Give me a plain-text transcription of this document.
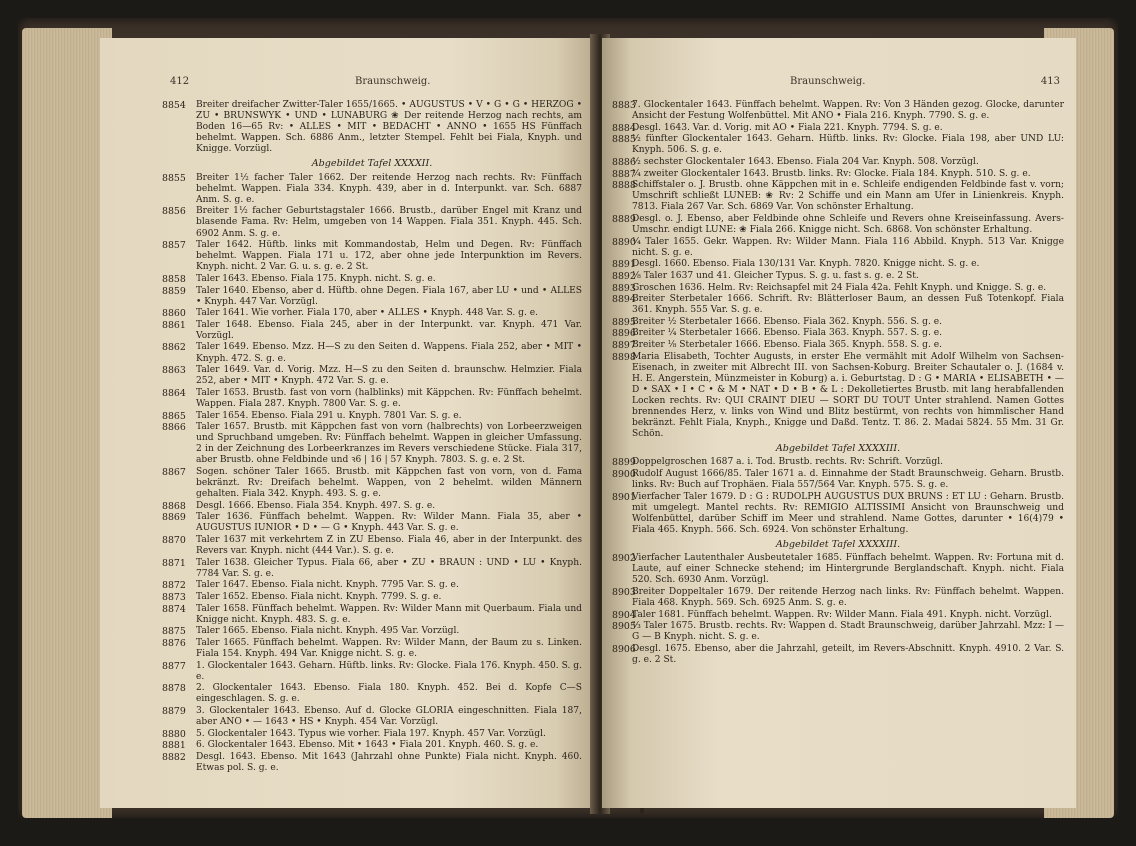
412	Braunschweig.
8854 Breiter dreifacher Zwitter-Taler 1655/1665. • AUGUSTUS • V • G • G • HERZOG • ZU • BRUNSWYK • UND • LUNABURG ❀ Der reitende Herzog nach rechts, am Boden 16—65 Rv: • ALLES • MIT • BEDACHT • ANNO • 1655 HS Fünffach behelmt. Wappen. Sch. 6886 Anm., letzter Stempel. Fehlt bei Fiala, Knyph. und Knigge. Vorzügl.
Abgebildet Tafel XXXXII.
8855 Breiter 1½ facher Taler 1662. Der reitende Herzog nach rechts. Rv: Fünffach behelmt. Wappen. Fiala 334. Knyph. 439, aber in d. Interpunkt. var. Sch. 6887 Anm. S. g. e.
8856 Breiter 1½ facher Geburtstagstaler 1666. Brustb., darüber Engel mit Kranz und blasende Fama. Rv: Helm, umgeben von 14 Wappen. Fiala 351. Knyph. 445. Sch. 6902 Anm. S. g. e.
8857 Taler 1642. Hüftb. links mit Kommandostab, Helm und Degen. Rv: Fünffach behelmt. Wappen. Fiala 171 u. 172, aber ohne jede Interpunktion im Revers. Knyph. nicht. 2 Var. G. u. s. g. e. 2 St.
8858 Taler 1643. Ebenso. Fiala 175. Knyph. nicht. S. g. e.
8859 Taler 1640. Ebenso, aber d. Hüftb. ohne Degen. Fiala 167, aber LU • und • ALLES • Knyph. 447 Var. Vorzügl.
8860 Taler 1641. Wie vorher. Fiala 170, aber • ALLES • Knyph. 448 Var. S. g. e.
8861 Taler 1648. Ebenso. Fiala 245, aber in der Interpunkt. var. Knyph. 471 Var. Vorzügl.
8862 Taler 1649. Ebenso. Mzz. H—S zu den Seiten d. Wappens. Fiala 252, aber • MIT • Knyph. 472. S. g. e.
8863 Taler 1649. Var. d. Vorig. Mzz. H—S zu den Seiten d. braunschw. Helmzier. Fiala 252, aber • MIT • Knyph. 472 Var. S. g. e.
8864 Taler 1653. Brustb. fast von vorn (halblinks) mit Käppchen. Rv: Fünffach behelmt. Wappen. Fiala 287. Knyph. 7800 Var. S. g. e.
8865 Taler 1654. Ebenso. Fiala 291 u. Knyph. 7801 Var. S. g. e.
8866 Taler 1657. Brustb. mit Käppchen fast von vorn (halbrechts) von Lorbeerzweigen und Spruchband umgeben. Rv: Fünffach behelmt. Wappen in gleicher Umfassung. 2 in der Zeichnung des Lorbeerkranzes im Revers verschiedene Stücke. Fiala 317, aber Brustb. ohne Feldbinde und ꝛ6 | 16 | 57 Knyph. 7803. S. g. e. 2 St.
8867 Sogen. schöner Taler 1665. Brustb. mit Käppchen fast von vorn, von d. Fama bekränzt. Rv: Dreifach behelmt. Wappen, von 2 behelmt. wilden Männern gehalten. Fiala 342. Knyph. 493. S. g. e.
8868 Desgl. 1666. Ebenso. Fiala 354. Knyph. 497. S. g. e.
8869 Taler 1636. Fünffach behelmt. Wappen. Rv: Wilder Mann. Fiala 35, aber • AUGUSTUS IUNIOR • D • — G • Knyph. 443 Var. S. g. e.
8870 Taler 1637 mit verkehrtem Z in ZU Ebenso. Fiala 46, aber in der Interpunkt. des Revers var. Knyph. nicht (444 Var.). S. g. e.
8871 Taler 1638. Gleicher Typus. Fiala 66, aber • ZU • BRAUN : UND • LU • Knyph. 7784 Var. S. g. e.
8872 Taler 1647. Ebenso. Fiala nicht. Knyph. 7795 Var. S. g. e.
8873 Taler 1652. Ebenso. Fiala nicht. Knyph. 7799. S. g. e.
8874 Taler 1658. Fünffach behelmt. Wappen. Rv: Wilder Mann mit Querbaum. Fiala und Knigge nicht. Knyph. 483. S. g. e.
8875 Taler 1665. Ebenso. Fiala nicht. Knyph. 495 Var. Vorzügl.
8876 Taler 1665. Fünffach behelmt. Wappen. Rv: Wilder Mann, der Baum zu s. Linken. Fiala 154. Knyph. 494 Var. Knigge nicht. S. g. e.
8877 1. Glockentaler 1643. Geharn. Hüftb. links. Rv: Glocke. Fiala 176. Knyph. 450. S. g. e.
8878 2. Glockentaler 1643. Ebenso. Fiala 180. Knyph. 452. Bei d. Kopfe C—S eingeschlagen. S. g. e.
8879 3. Glockentaler 1643. Ebenso. Auf d. Glocke GLORIA eingeschnitten. Fiala 187, aber ANO • — 1643 • HS • Knyph. 454 Var. Vorzügl.
8880 5. Glockentaler 1643. Typus wie vorher. Fiala 197. Knyph. 457 Var. Vorzügl.
8881 6. Glockentaler 1643. Ebenso. Mit • 1643 • Fiala 201. Knyph. 460. S. g. e.
8882 Desgl. 1643. Ebenso. Mit 1643 (Jahrzahl ohne Punkte) Fiala nicht. Knyph. 460. Etwas pol. S. g. e.
Braunschweig.	413
8883
7. Glockentaler 1643. Fünffach behelmt. Wappen. Rv: Von 3 Händen gezog. Glocke, darunter Ansicht der Festung Wolfenbüttel. Mit ANO • Fiala 216. Knyph. 7790. S. g. e.
8884
Desgl. 1643. Var. d. Vorig. mit AO • Fiala 221. Knyph. 7794. S. g. e.
8885
½ fünfter Glockentaler 1643. Geharn. Hüftb. links. Rv: Glocke. Fiala 198, aber UND LU: Knyph. 506. S. g. e.
8886
½ sechster Glockentaler 1643. Ebenso. Fiala 204 Var. Knyph. 508. Vorzügl.
8887
¼ zweiter Glockentaler 1643. Brustb. links. Rv: Glocke. Fiala 184. Knyph. 510. S. g. e.
8888
Schiffstaler o. J. Brustb. ohne Käppchen mit in e. Schleife endigenden Feldbinde fast v. vorn; Umschrift schließt LUNEB: ❀ Rv: 2 Schiffe und ein Mann am Ufer in Linienkreis. Knyph. 7813. Fiala 267 Var. Sch. 6869 Var. Von schönster Erhaltung.
8889
Desgl. o. J. Ebenso, aber Feldbinde ohne Schleife und Revers ohne Kreiseinfassung. Avers-Umschr. endigt LUNE: ❀ Fiala 266. Knigge nicht. Sch. 6868. Von schönster Erhaltung.
8890
¼ Taler 1655. Gekr. Wappen. Rv: Wilder Mann. Fiala 116 Abbild. Knyph. 513 Var. Knigge nicht. S. g. e.
8891
Desgl. 1660. Ebenso. Fiala 130/131 Var. Knyph. 7820. Knigge nicht. S. g. e.
8892
⅛ Taler 1637 und 41. Gleicher Typus. S. g. u. fast s. g. e. 2 St.
8893
Groschen 1636. Helm. Rv: Reichsapfel mit 24 Fiala 42a. Fehlt Knyph. und Knigge. S. g. e.
8894
Breiter Sterbetaler 1666. Schrift. Rv: Blätterloser Baum, an dessen Fuß Totenkopf. Fiala 361. Knyph. 555 Var. S. g. e.
8895
Breiter ½ Sterbetaler 1666. Ebenso. Fiala 362. Knyph. 556. S. g. e.
8896
Breiter ¼ Sterbetaler 1666. Ebenso. Fiala 363. Knyph. 557. S. g. e.
8897
Breiter ⅛ Sterbetaler 1666. Ebenso. Fiala 365. Knyph. 558. S. g. e.
8898
Maria Elisabeth, Tochter Augusts, in erster Ehe vermählt mit Adolf Wilhelm von Sachsen-Eisenach, in zweiter mit Albrecht III. von Sachsen-Koburg. Breiter Schautaler o. J. (1684 v. H. E. Angerstein, Münzmeister in Koburg) a. i. Geburtstag. D : G • MARIA • ELISABETH • — D • SAX • I • C • & M • NAT • D • B • & L : Dekolletiertes Brustb. mit lang herabfallenden Locken rechts. Rv: QUI CRAINT DIEU — SORT DU TOUT Unter strahlend. Namen Gottes brennendes Herz, v. links von Wind und Blitz bestürmt, von rechts von himmlischer Hand bekränzt. Fehlt Fiala, Knyph., Knigge und Daßd. Tentz. T. 86. 2. Madai 5824. 55 Mm. 31 Gr. Schön.
Abgebildet Tafel XXXXIII.
8899
Doppelgroschen 1687 a. i. Tod. Brustb. rechts. Rv: Schrift. Vorzügl.
8900
Rudolf August 1666/85. Taler 1671 a. d. Einnahme der Stadt Braunschweig. Geharn. Brustb. links. Rv: Buch auf Trophäen. Fiala 557/564 Var. Knyph. 575. S. g. e.
8901
Vierfacher Taler 1679. D : G : RUDOLPH AUGUSTUS DUX BRUNS : ET LU : Geharn. Brustb. mit umgelegt. Mantel rechts. Rv: REMIGIO ALTISSIMI Ansicht von Braunschweig und Wolfenbüttel, darüber Schiff im Meer und strahlend. Name Gottes, darunter • 16(4)79 • Fiala 465. Knyph. 566. Sch. 6924. Von schönster Erhaltung.
Abgebildet Tafel XXXXIII.
8902
Vierfacher Lautenthaler Ausbeutetaler 1685. Fünffach behelmt. Wappen. Rv: Fortuna mit d. Laute, auf einer Schnecke stehend; im Hintergrunde Berglandschaft. Knyph. nicht. Fiala 520. Sch. 6930 Anm. Vorzügl.
8903
Breiter Doppeltaler 1679. Der reitende Herzog nach links. Rv: Fünffach behelmt. Wappen. Fiala 468. Knyph. 569. Sch. 6925 Anm. S. g. e.
8904
Taler 1681. Fünffach behelmt. Wappen. Rv: Wilder Mann. Fiala 491. Knyph. nicht. Vorzügl.
8905
⅔ Taler 1675. Brustb. rechts. Rv: Wappen d. Stadt Braunschweig, darüber Jahrzahl. Mzz: I — G — B Knyph. nicht. S. g. e.
8906
Desgl. 1675. Ebenso, aber die Jahrzahl, geteilt, im Revers-Abschnitt. Knyph. 4910. 2 Var. S. g. e. 2 St.
